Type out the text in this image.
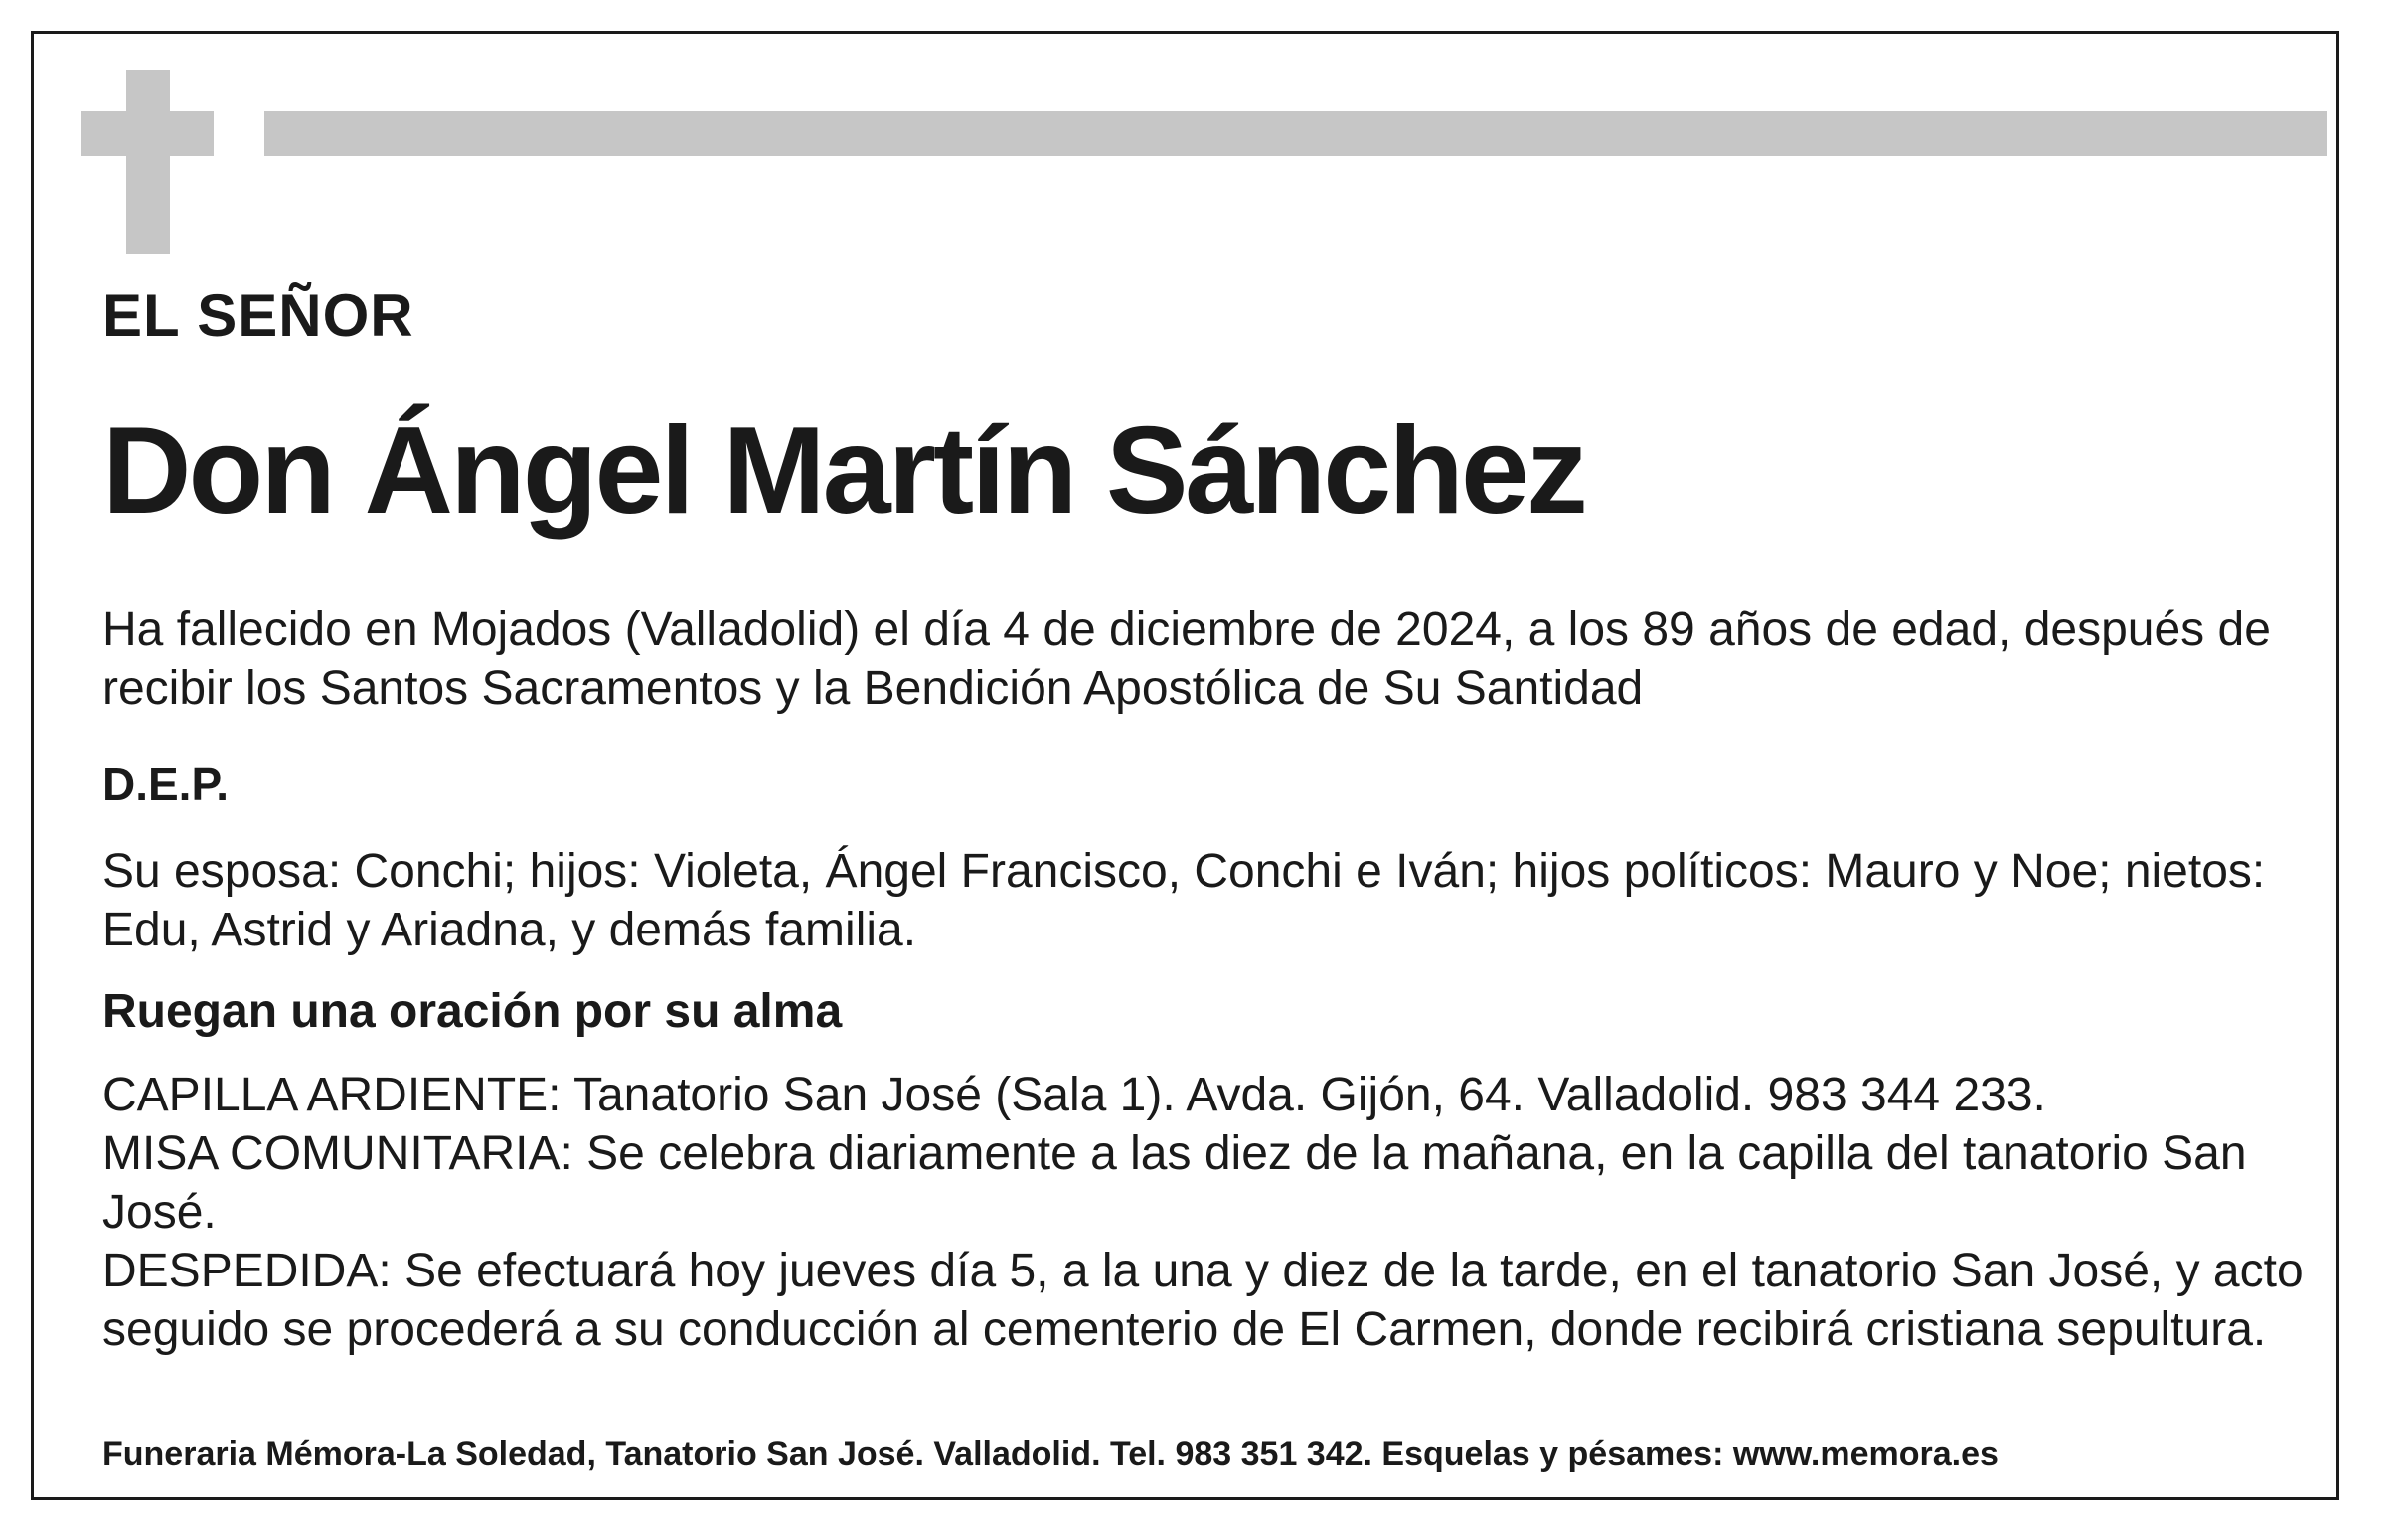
EL SEÑOR
Don Ángel Martín Sánchez
Ha fallecido en Mojados (Valladolid) el día 4 de diciembre de 2024, a los 89 años de edad, después de recibir los Santos Sacramentos y la Bendición Apostólica de Su Santidad
D.E.P.
Su esposa: Conchi; hijos: Violeta, Ángel Francisco, Conchi e Iván; hijos políticos: Mauro y Noe; nietos: Edu, Astrid y Ariadna, y demás familia.
Ruegan una oración por su alma

CAPILLA ARDIENTE: Tanatorio San José (Sala 1). Avda. Gijón, 64. Valladolid. 983 344 233.

MISA COMUNITARIA: Se celebra diariamente a las diez de la mañana, en la capilla del tanatorio San José.

DESPEDIDA: Se efectuará hoy jueves día 5, a la una y diez de la tarde, en el tanatorio San José, y acto seguido se procederá a su conducción al cementerio de El Carmen, donde recibirá cristiana sepultura.

Funeraria Mémora-La Soledad, Tanatorio San José. Valladolid. Tel. 983 351 342. Esquelas y pésames: www.memora.es
